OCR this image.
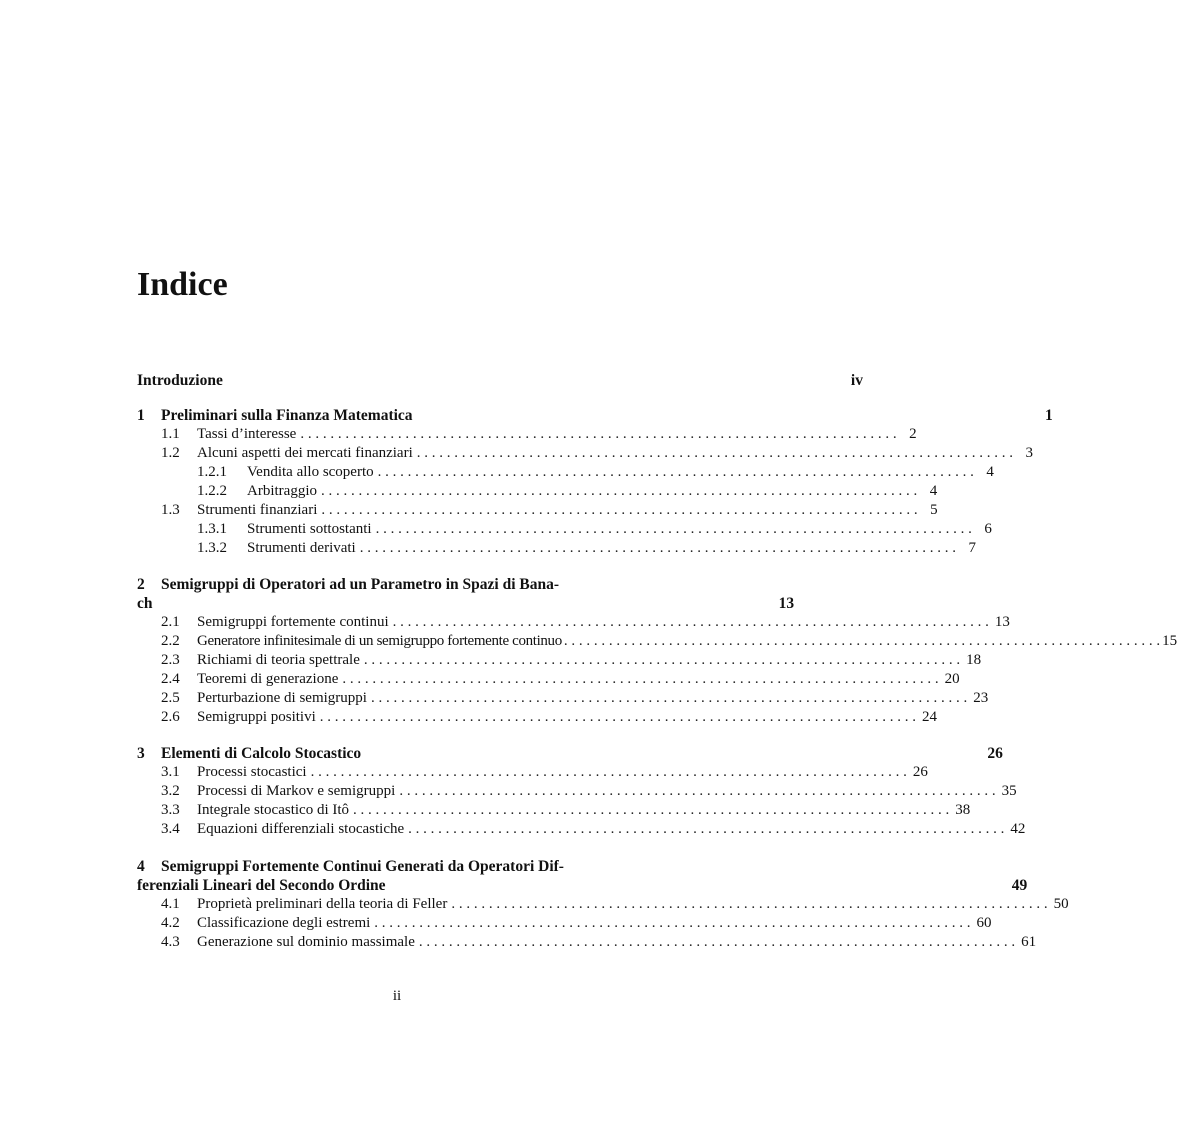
Indice
Introduzione	iv
1	Preliminari sulla Finanza Matematica	1
1.1	Tassi d’interesse . . . . . . . . . . . . . . . . . . . . . . . . . . . . . . . . . . . . . . . . . . . . . . . . . . . . . . . . . . . . . . . . . . . . . . . . . . . . . . . . 2
1.2	Alcuni aspetti dei mercati finanziari . . . . . . . . . . . . . . . . . . . . . . . . . . . . . . . . . . . . . . . . . . . . . . . . . . . . . . . . . . . . . . . . . . . . . . . . . . . . . . . . 3
1.2.1	Vendita allo scoperto . . . . . . . . . . . . . . . . . . . . . . . . . . . . . . . . . . . . . . . . . . . . . . . . . . . . . . . . . . . . . . . . . . . . . . . . . . . . . . . . 4
1.2.2	Arbitraggio . . . . . . . . . . . . . . . . . . . . . . . . . . . . . . . . . . . . . . . . . . . . . . . . . . . . . . . . . . . . . . . . . . . . . . . . . . . . . . . . 4
1.3	Strumenti finanziari . . . . . . . . . . . . . . . . . . . . . . . . . . . . . . . . . . . . . . . . . . . . . . . . . . . . . . . . . . . . . . . . . . . . . . . . . . . . . . . . 5
1.3.1	Strumenti sottostanti . . . . . . . . . . . . . . . . . . . . . . . . . . . . . . . . . . . . . . . . . . . . . . . . . . . . . . . . . . . . . . . . . . . . . . . . . . . . . . . . 6
1.3.2	Strumenti derivati . . . . . . . . . . . . . . . . . . . . . . . . . . . . . . . . . . . . . . . . . . . . . . . . . . . . . . . . . . . . . . . . . . . . . . . . . . . . . . . . 7
2	Semigruppi di Operatori ad un Parametro in Spazi di Bana-
ch	13
2.1	Semigruppi fortemente continui . . . . . . . . . . . . . . . . . . . . . . . . . . . . . . . . . . . . . . . . . . . . . . . . . . . . . . . . . . . . . . . . . . . . . . . . . . . . . . . . 13
2.2	Generatore infinitesimale di un semigruppo fortemente continuo . . . . . . . . . . . . . . . . . . . . . . . . . . . . . . . . . . . . . . . . . . . . . . . . . . . . . . . . . . . . . . . . . . . . . . . . . . . . . . . . 15
2.3	Richiami di teoria spettrale . . . . . . . . . . . . . . . . . . . . . . . . . . . . . . . . . . . . . . . . . . . . . . . . . . . . . . . . . . . . . . . . . . . . . . . . . . . . . . . . 18
2.4	Teoremi di generazione . . . . . . . . . . . . . . . . . . . . . . . . . . . . . . . . . . . . . . . . . . . . . . . . . . . . . . . . . . . . . . . . . . . . . . . . . . . . . . . . 20
2.5	Perturbazione di semigruppi . . . . . . . . . . . . . . . . . . . . . . . . . . . . . . . . . . . . . . . . . . . . . . . . . . . . . . . . . . . . . . . . . . . . . . . . . . . . . . . . 23
2.6	Semigruppi positivi . . . . . . . . . . . . . . . . . . . . . . . . . . . . . . . . . . . . . . . . . . . . . . . . . . . . . . . . . . . . . . . . . . . . . . . . . . . . . . . . 24
3	Elementi di Calcolo Stocastico	26
3.1	Processi stocastici . . . . . . . . . . . . . . . . . . . . . . . . . . . . . . . . . . . . . . . . . . . . . . . . . . . . . . . . . . . . . . . . . . . . . . . . . . . . . . . . 26
3.2	Processi di Markov e semigruppi . . . . . . . . . . . . . . . . . . . . . . . . . . . . . . . . . . . . . . . . . . . . . . . . . . . . . . . . . . . . . . . . . . . . . . . . . . . . . . . . 35
3.3	Integrale stocastico di Itô . . . . . . . . . . . . . . . . . . . . . . . . . . . . . . . . . . . . . . . . . . . . . . . . . . . . . . . . . . . . . . . . . . . . . . . . . . . . . . . . 38
3.4	Equazioni differenziali stocastiche . . . . . . . . . . . . . . . . . . . . . . . . . . . . . . . . . . . . . . . . . . . . . . . . . . . . . . . . . . . . . . . . . . . . . . . . . . . . . . . . 42
4	Semigruppi Fortemente Continui Generati da Operatori Dif-
ferenziali Lineari del Secondo Ordine	49
4.1	Proprietà preliminari della teoria di Feller . . . . . . . . . . . . . . . . . . . . . . . . . . . . . . . . . . . . . . . . . . . . . . . . . . . . . . . . . . . . . . . . . . . . . . . . . . . . . . . . 50
4.2	Classificazione degli estremi . . . . . . . . . . . . . . . . . . . . . . . . . . . . . . . . . . . . . . . . . . . . . . . . . . . . . . . . . . . . . . . . . . . . . . . . . . . . . . . . 60
4.3	Generazione sul dominio massimale . . . . . . . . . . . . . . . . . . . . . . . . . . . . . . . . . . . . . . . . . . . . . . . . . . . . . . . . . . . . . . . . . . . . . . . . . . . . . . . . 61
ii
